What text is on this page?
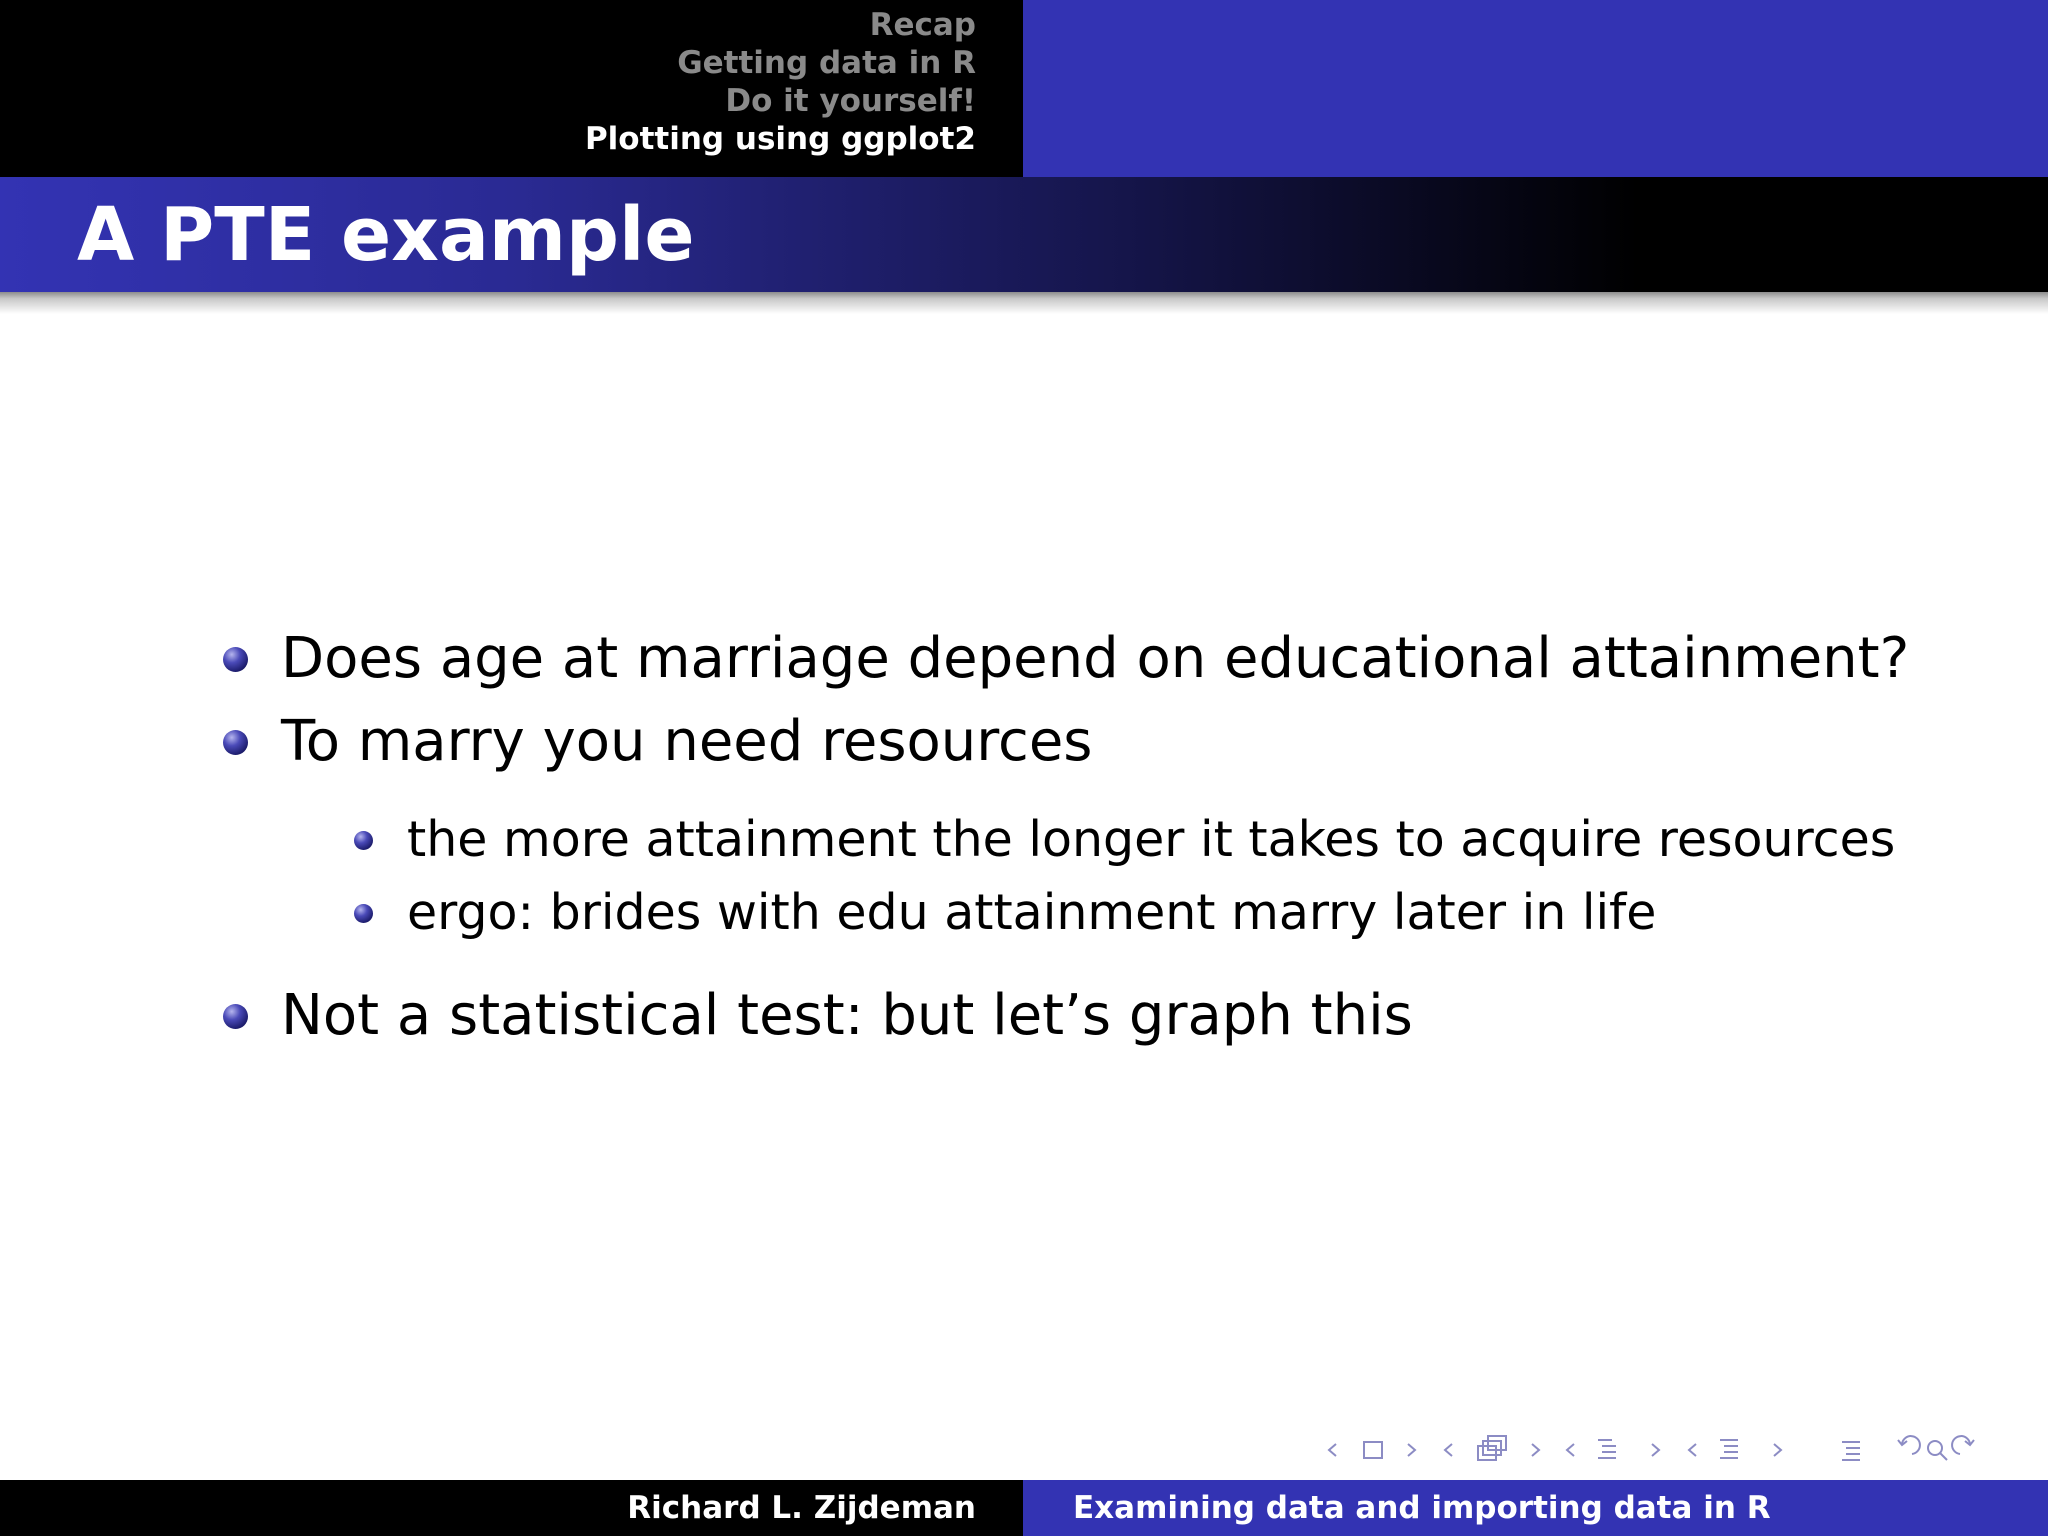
Recap
Getting data in R
Do it yourself!
Plotting using ggplot2
A PTE example
Does age at marriage depend on educational attainment?
To marry you need resources
the more attainment the longer it takes to acquire resources
ergo: brides with edu attainment marry later in life
Not a statistical test: but let’s graph this
Richard L. Zijdeman	Examining data and importing data in R
